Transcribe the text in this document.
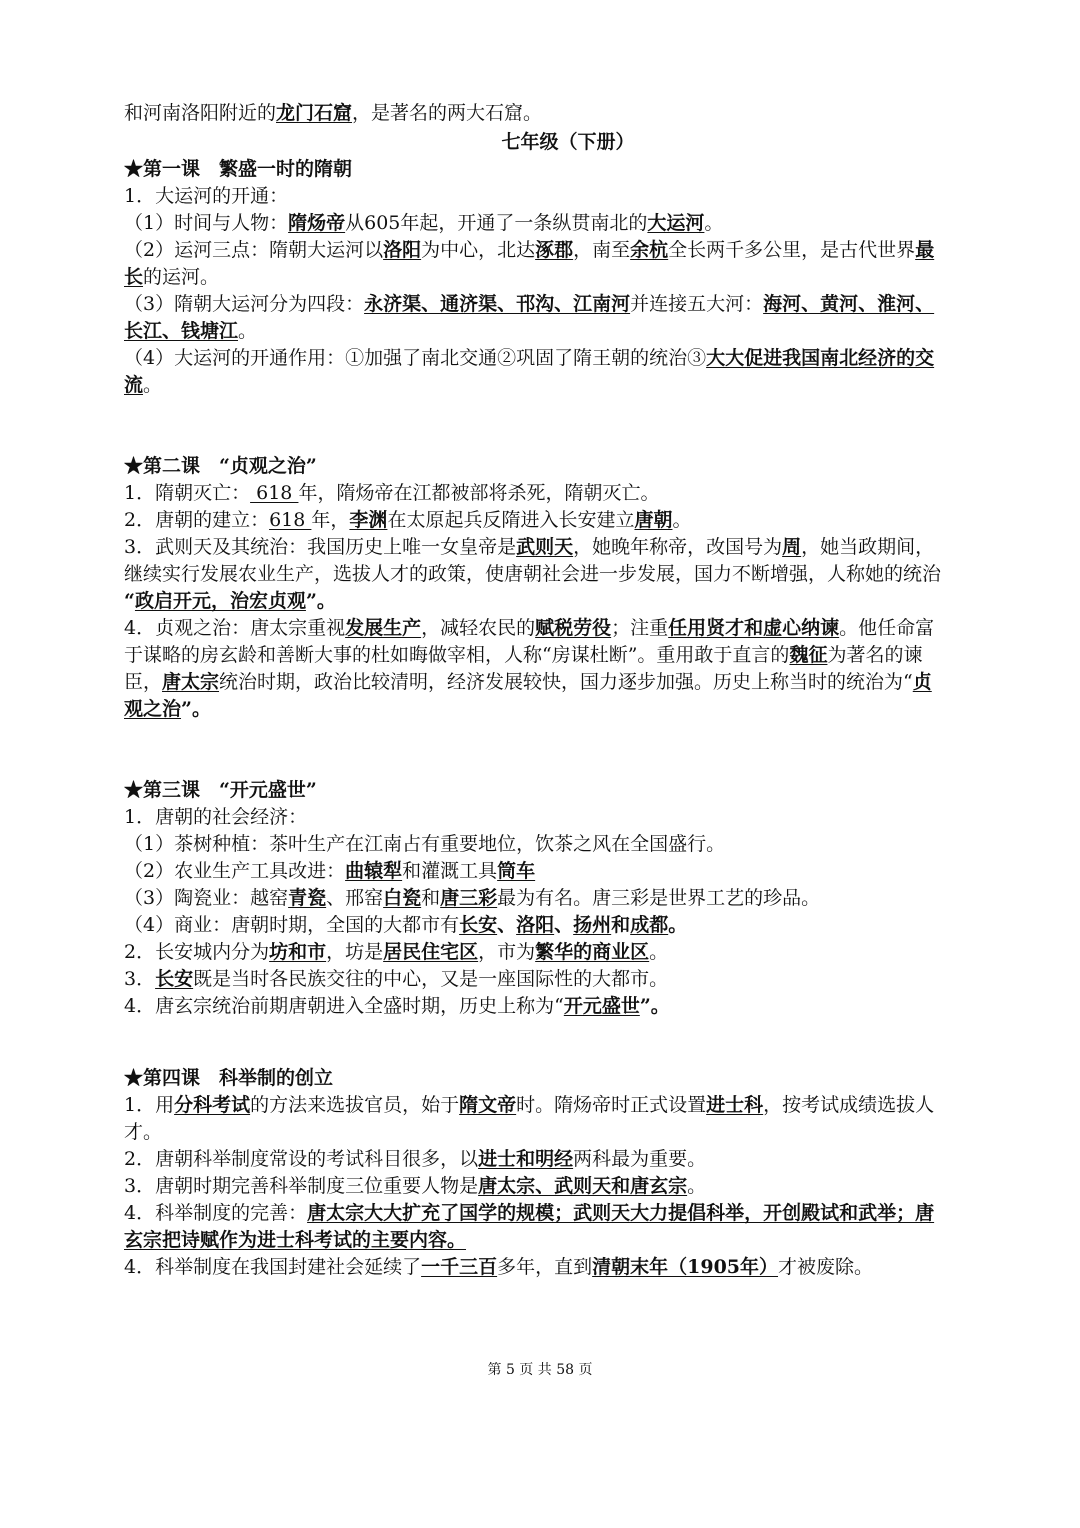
和河南洛阳附近的龙门石窟，是著名的两大石窟。

七年级（下册）

★第一课　繁盛一时的隋朝

1．大运河的开通：

（1）时间与人物：隋炀帝从605年起，开通了一条纵贯南北的大运河。

（2）运河三点：隋朝大运河以洛阳为中心，北达涿郡，南至余杭全长两千多公里，是古代世界最

长的运河。

（3）隋朝大运河分为四段：永济渠、通济渠、邗沟、江南河并连接五大河：海河、黄河、淮河、

长江、钱塘江。

（4）大运河的开通作用：①加强了南北交通②巩固了隋王朝的统治③大大促进我国南北经济的交

流。

★第二课　“贞观之治”

1．隋朝灭亡： 618 年，隋炀帝在江都被部将杀死，隋朝灭亡。

2．唐朝的建立：618 年，李渊在太原起兵反隋进入长安建立唐朝。

3．武则天及其统治：我国历史上唯一女皇帝是武则天，她晚年称帝，改国号为周，她当政期间，

继续实行发展农业生产，选拔人才的政策，使唐朝社会进一步发展，国力不断增强，人称她的统治

“政启开元，治宏贞观”。

4．贞观之治：唐太宗重视发展生产，减轻农民的赋税劳役；注重任用贤才和虚心纳谏。他任命富

于谋略的房玄龄和善断大事的杜如晦做宰相，人称“房谋杜断”。重用敢于直言的魏征为著名的谏

臣，唐太宗统治时期，政治比较清明，经济发展较快，国力逐步加强。历史上称当时的统治为“贞

观之治”。

★第三课　“开元盛世”

1．唐朝的社会经济：

（1）茶树种植：茶叶生产在江南占有重要地位，饮茶之风在全国盛行。

（2）农业生产工具改进：曲辕犁和灌溉工具筒车

（3）陶瓷业：越窑青瓷、邢窑白瓷和唐三彩最为有名。唐三彩是世界工艺的珍品。

（4）商业：唐朝时期，全国的大都市有长安、洛阳、扬州和成都。

2．长安城内分为坊和市，坊是居民住宅区，市为繁华的商业区。

3．长安既是当时各民族交往的中心，又是一座国际性的大都市。

4．唐玄宗统治前期唐朝进入全盛时期，历史上称为“开元盛世”。

★第四课　科举制的创立

1．用分科考试的方法来选拔官员，始于隋文帝时。隋炀帝时正式设置进士科，按考试成绩选拔人

才。

2．唐朝科举制度常设的考试科目很多，以进士和明经两科最为重要。

3．唐朝时期完善科举制度三位重要人物是唐太宗、武则天和唐玄宗。

4．科举制度的完善：唐太宗大大扩充了国学的规模；武则天大力提倡科举，开创殿试和武举；唐

玄宗把诗赋作为进士科考试的主要内容。

4．科举制度在我国封建社会延续了一千三百多年，直到清朝末年（1905年）才被废除。

第 5 页 共 58 页
